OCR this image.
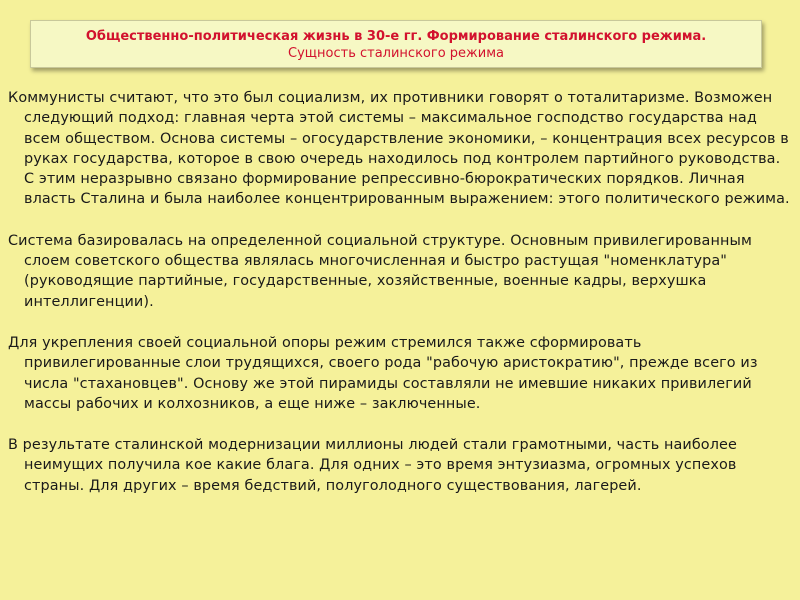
Общественно-политическая жизнь в 30-е гг. Формирование сталинского режима.
Сущность сталинского режима

Коммунисты считают, что это был социализм, их противники говорят о тоталитаризме. Возможен следующий подход: главная черта этой системы – максимальное господство государства над всем обществом. Основа системы – огосударствление экономики, – концентрация всех ресурсов в руках государства, которое в свою очередь находилось под контролем партийного руководства. С этим неразрывно связано формирование репрессивно-бюрократических порядков. Личная власть Сталина и была наиболее концентрированным выражением: этого политического режима.

Система базировалась на определенной социальной структуре. Основным привилегированным слоем советского общества являлась многочисленная и быстро растущая "номенклатура" (руководящие партийные, государственные, хозяйственные, военные кадры, верхушка интеллигенции).

Для укрепления своей социальной опоры режим стремился также сформировать привилегированные слои трудящихся, своего рода "рабочую аристократию", прежде всего из числа "стахановцев". Основу же этой пирамиды составляли не имевшие никаких привилегий массы рабочих и колхозников, а еще ниже – заключенные.

В результате сталинской модернизации миллионы людей стали грамотными, часть наиболее неимущих получила кое какие блага. Для одних – это время энтузиазма, огромных успехов страны. Для других – время бедствий, полуголодного существования, лагерей.
